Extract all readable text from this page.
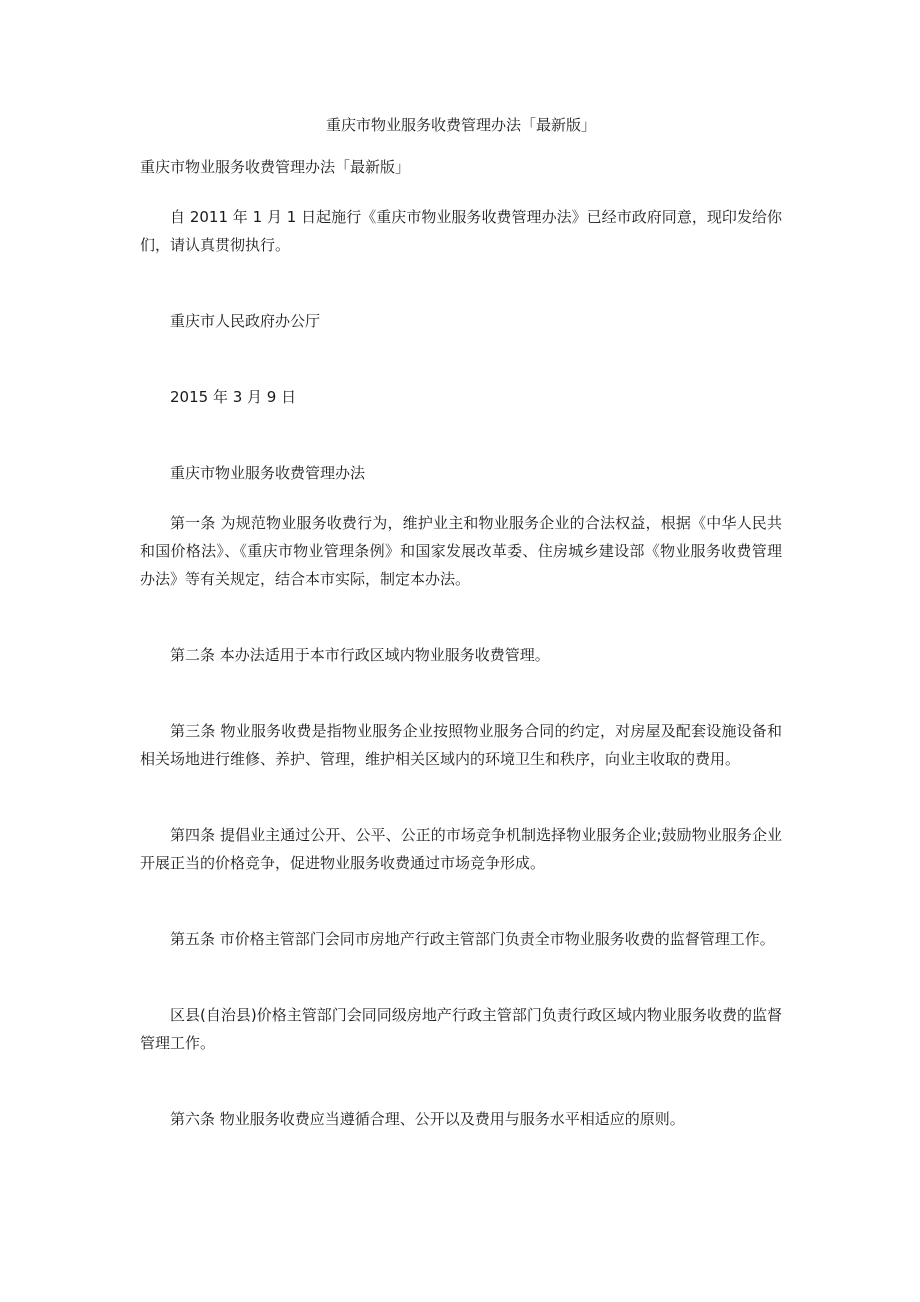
重庆市物业服务收费管理办法「最新版」

重庆市物业服务收费管理办法「最新版」

自 2011 年 1 月 1 日起施行《重庆市物业服务收费管理办法》已经市政府同意，现印发给你们，请认真贯彻执行。

重庆市人民政府办公厅

2015 年 3 月 9 日

重庆市物业服务收费管理办法

第一条 为规范物业服务收费行为，维护业主和物业服务企业的合法权益，根据《中华人民共和国价格法》、《重庆市物业管理条例》和国家发展改革委、住房城乡建设部《物业服务收费管理办法》等有关规定，结合本市实际，制定本办法。

第二条 本办法适用于本市行政区域内物业服务收费管理。

第三条 物业服务收费是指物业服务企业按照物业服务合同的约定，对房屋及配套设施设备和相关场地进行维修、养护、管理，维护相关区域内的环境卫生和秩序，向业主收取的费用。

第四条 提倡业主通过公开、公平、公正的市场竞争机制选择物业服务企业;鼓励物业服务企业开展正当的价格竞争，促进物业服务收费通过市场竞争形成。

第五条 市价格主管部门会同市房地产行政主管部门负责全市物业服务收费的监督管理工作。

区县(自治县)价格主管部门会同同级房地产行政主管部门负责行政区域内物业服务收费的监督管理工作。

第六条 物业服务收费应当遵循合理、公开以及费用与服务水平相适应的原则。
